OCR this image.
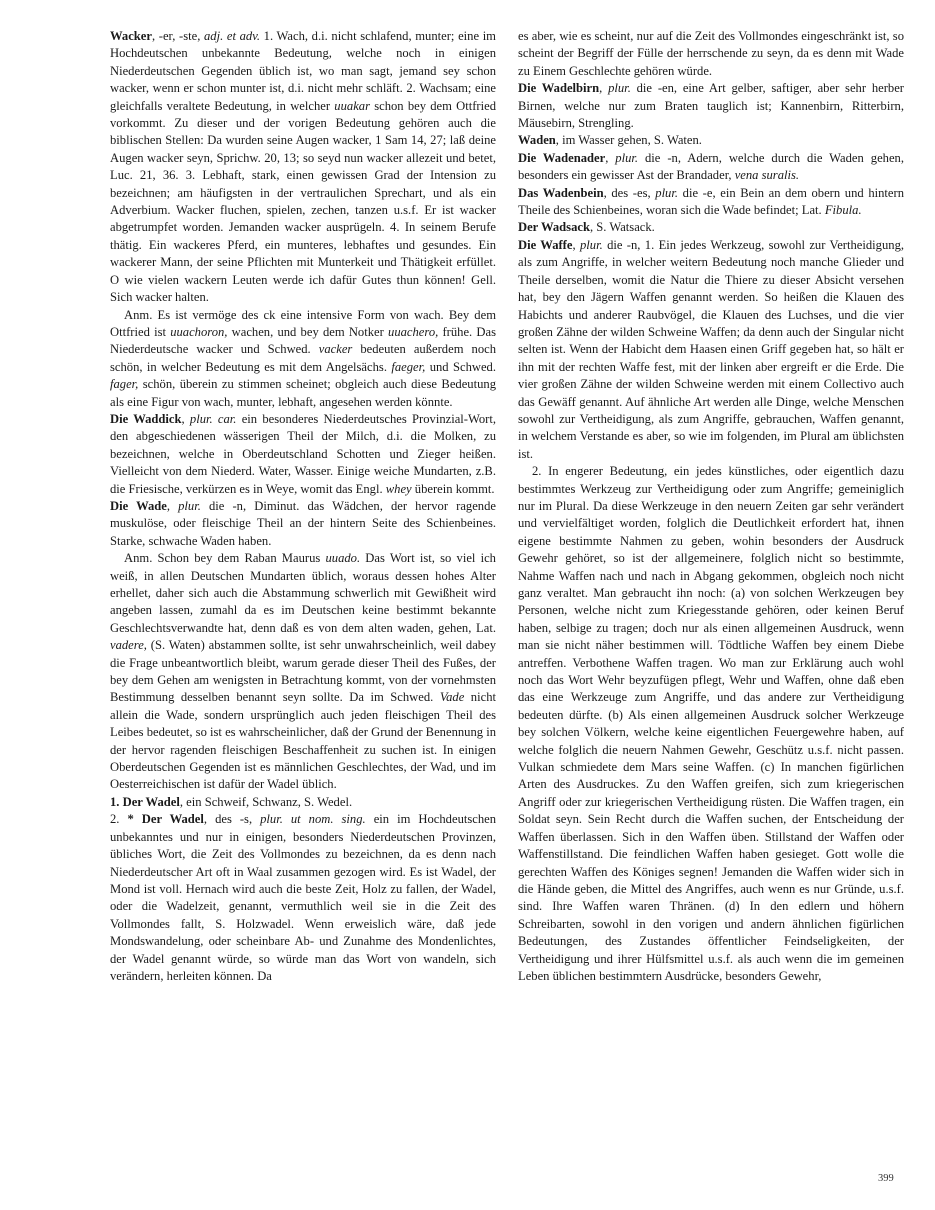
Wacker, -er, -ste, adj. et adv. 1. Wach, d.i. nicht schlafend, munter; eine im Hochdeutschen unbekannte Bedeutung, welche noch in einigen Niederdeutschen Gegenden üblich ist, wo man sagt, jemand sey schon wacker, wenn er schon munter ist, d.i. nicht mehr schläft. 2. Wachsam; eine gleichfalls veraltete Bedeutung, in welcher uuakar schon bey dem Ottfried vorkommt. Zu dieser und der vorigen Bedeutung gehören auch die biblischen Stellen: Da wurden seine Augen wacker, 1 Sam 14, 27; laß deine Augen wacker seyn, Sprichw. 20, 13; so seyd nun wacker allezeit und betet, Luc. 21, 36. 3. Lebhaft, stark, einen gewissen Grad der Intension zu bezeichnen; am häufigsten in der vertraulichen Sprechart, und als ein Adverbium. Wacker fluchen, spielen, zechen, tanzen u.s.f. Er ist wacker abgetrumpfet worden. Jemanden wacker ausprügeln. 4. In seinem Berufe thätig. Ein wackeres Pferd, ein munteres, lebhaftes und gesundes. Ein wackerer Mann, der seine Pflichten mit Munterkeit und Thätigkeit erfüllet. O wie vielen wackern Leuten werde ich dafür Gutes thun können! Gell. Sich wacker halten.

Anm. Es ist vermöge des ck eine intensive Form von wach. Bey dem Ottfried ist uuachoron, wachen, und bey dem Notker uuachero, frühe. Das Niederdeutsche wacker und Schwed. vacker bedeuten außerdem noch schön, in welcher Bedeutung es mit dem Angelsächs. faeger, und Schwed. fager, schön, überein zu stimmen scheinet; obgleich auch diese Bedeutung als eine Figur von wach, munter, lebhaft, angesehen werden könnte.

Die Waddick, plur. car. ein besonderes Niederdeutsches Provinzial-Wort, den abgeschiedenen wässerigen Theil der Milch, d.i. die Molken, zu bezeichnen, welche in Oberdeutschland Schotten und Zieger heißen. Vielleicht von dem Niederd. Water, Wasser. Einige weiche Mundarten, z.B. die Friesische, verkürzen es in Weye, womit das Engl. whey überein kommt.

Die Wade, plur. die -n, Diminut. das Wädchen, der hervor ragende muskulöse, oder fleischige Theil an der hintern Seite des Schienbeines. Starke, schwache Waden haben.

Anm. Schon bey dem Raban Maurus uuado. Das Wort ist, so viel ich weiß, in allen Deutschen Mundarten üblich, woraus dessen hohes Alter erhellet, daher sich auch die Abstammung schwerlich mit Gewißheit wird angeben lassen, zumahl da es im Deutschen keine bestimmt bekannte Geschlechtsverwandte hat, denn daß es von dem alten waden, gehen, Lat. vadere, (S. Waten) abstammen sollte, ist sehr unwahrscheinlich, weil dabey die Frage unbeantwortlich bleibt, warum gerade dieser Theil des Fußes, der bey dem Gehen am wenigsten in Betrachtung kommt, von der vornehmsten Bestimmung desselben benannt seyn sollte. Da im Schwed. Vade nicht allein die Wade, sondern ursprünglich auch jeden fleischigen Theil des Leibes bedeutet, so ist es wahrscheinlicher, daß der Grund der Benennung in der hervor ragenden fleischigen Beschaffenheit zu suchen ist. In einigen Oberdeutschen Gegenden ist es männlichen Geschlechtes, der Wad, und im Oesterreichischen ist dafür der Wadel üblich.

1. Der Wadel, ein Schweif, Schwanz, S. Wedel.

2. * Der Wadel, des -s, plur. ut nom. sing. ein im Hochdeutschen unbekanntes und nur in einigen, besonders Niederdeutschen Provinzen, übliches Wort, die Zeit des Vollmondes zu bezeichnen, da es denn nach Niederdeutscher Art oft in Waal zusammen gezogen wird. Es ist Wadel, der Mond ist voll. Hernach wird auch die beste Zeit, Holz zu fallen, der Wadel, oder die Wadelzeit, genannt, vermuthlich weil sie in die Zeit des Vollmondes fallt, S. Holzwadel. Wenn erweislich wäre, daß jede Mondswandelung, oder scheinbare Ab- und Zunahme des Mondenlichtes, der Wadel genannt würde, so würde man das Wort von wandeln, sich verändern, herleiten können. Da

es aber, wie es scheint, nur auf die Zeit des Vollmondes eingeschränkt ist, so scheint der Begriff der Fülle der herrschende zu seyn, da es denn mit Wade zu Einem Geschlechte gehören würde.

Die Wadelbirn, plur. die -en, eine Art gelber, saftiger, aber sehr herber Birnen, welche nur zum Braten tauglich ist; Kannenbirn, Ritterbirn, Mäusebirn, Strengling.

Waden, im Wasser gehen, S. Waten.

Die Wadenader, plur. die -n, Adern, welche durch die Waden gehen, besonders ein gewisser Ast der Brandader, vena suralis.

Das Wadenbein, des -es, plur. die -e, ein Bein an dem obern und hintern Theile des Schienbeines, woran sich die Wade befindet; Lat. Fibula.

Der Wadsack, S. Watsack.

Die Waffe, plur. die -n, 1. Ein jedes Werkzeug, sowohl zur Vertheidigung, als zum Angriffe, in welcher weitern Bedeutung noch manche Glieder und Theile derselben, womit die Natur die Thiere zu dieser Absicht versehen hat, bey den Jägern Waffen genannt werden. So heißen die Klauen des Habichts und anderer Raubvögel, die Klauen des Luchses, und die vier großen Zähne der wilden Schweine Waffen; da denn auch der Singular nicht selten ist. Wenn der Habicht dem Haasen einen Griff gegeben hat, so hält er ihn mit der rechten Waffe fest, mit der linken aber ergreift er die Erde. Die vier großen Zähne der wilden Schweine werden mit einem Collectivo auch das Gewäff genannt. Auf ähnliche Art werden alle Dinge, welche Menschen sowohl zur Vertheidigung, als zum Angriffe, gebrauchen, Waffen genannt, in welchem Verstande es aber, so wie im folgenden, im Plural am üblichsten ist.

2. In engerer Bedeutung, ein jedes künstliches, oder eigentlich dazu bestimmtes Werkzeug zur Vertheidigung oder zum Angriffe; gemeiniglich nur im Plural. Da diese Werkzeuge in den neuern Zeiten gar sehr verändert und vervielfältiget worden, folglich die Deutlichkeit erfordert hat, ihnen eigene bestimmte Nahmen zu geben, wohin besonders der Ausdruck Gewehr gehöret, so ist der allgemeinere, folglich nicht so bestimmte, Nahme Waffen nach und nach in Abgang gekommen, obgleich noch nicht ganz veraltet. Man gebraucht ihn noch: (a) von solchen Werkzeugen bey Personen, welche nicht zum Kriegesstande gehören, oder keinen Beruf haben, selbige zu tragen; doch nur als einen allgemeinen Ausdruck, wenn man sie nicht näher bestimmen will. Tödtliche Waffen bey einem Diebe antreffen. Verbothene Waffen tragen. Wo man zur Erklärung auch wohl noch das Wort Wehr beyzufügen pflegt, Wehr und Waffen, ohne daß eben das eine Werkzeuge zum Angriffe, und das andere zur Vertheidigung bedeuten dürfte. (b) Als einen allgemeinen Ausdruck solcher Werkzeuge bey solchen Völkern, welche keine eigentlichen Feuergewehre haben, auf welche folglich die neuern Nahmen Gewehr, Geschütz u.s.f. nicht passen. Vulkan schmiedete dem Mars seine Waffen. (c) In manchen figürlichen Arten des Ausdruckes. Zu den Waffen greifen, sich zum kriegerischen Angriff oder zur kriegerischen Vertheidigung rüsten. Die Waffen tragen, ein Soldat seyn. Sein Recht durch die Waffen suchen, der Entscheidung der Waffen überlassen. Sich in den Waffen üben. Stillstand der Waffen oder Waffenstillstand. Die feindlichen Waffen haben gesieget. Gott wolle die gerechten Waffen des Königes segnen! Jemanden die Waffen wider sich in die Hände geben, die Mittel des Angriffes, auch wenn es nur Gründe, u.s.f. sind. Ihre Waffen waren Thränen. (d) In den edlern und höhern Schreibarten, sowohl in den vorigen und andern ähnlichen figürlichen Bedeutungen, des Zustandes öffentlicher Feindseligkeiten, der Vertheidigung und ihrer Hülfsmittel u.s.f. als auch wenn die im gemeinen Leben üblichen bestimmtern Ausdrücke, besonders Gewehr,

399
